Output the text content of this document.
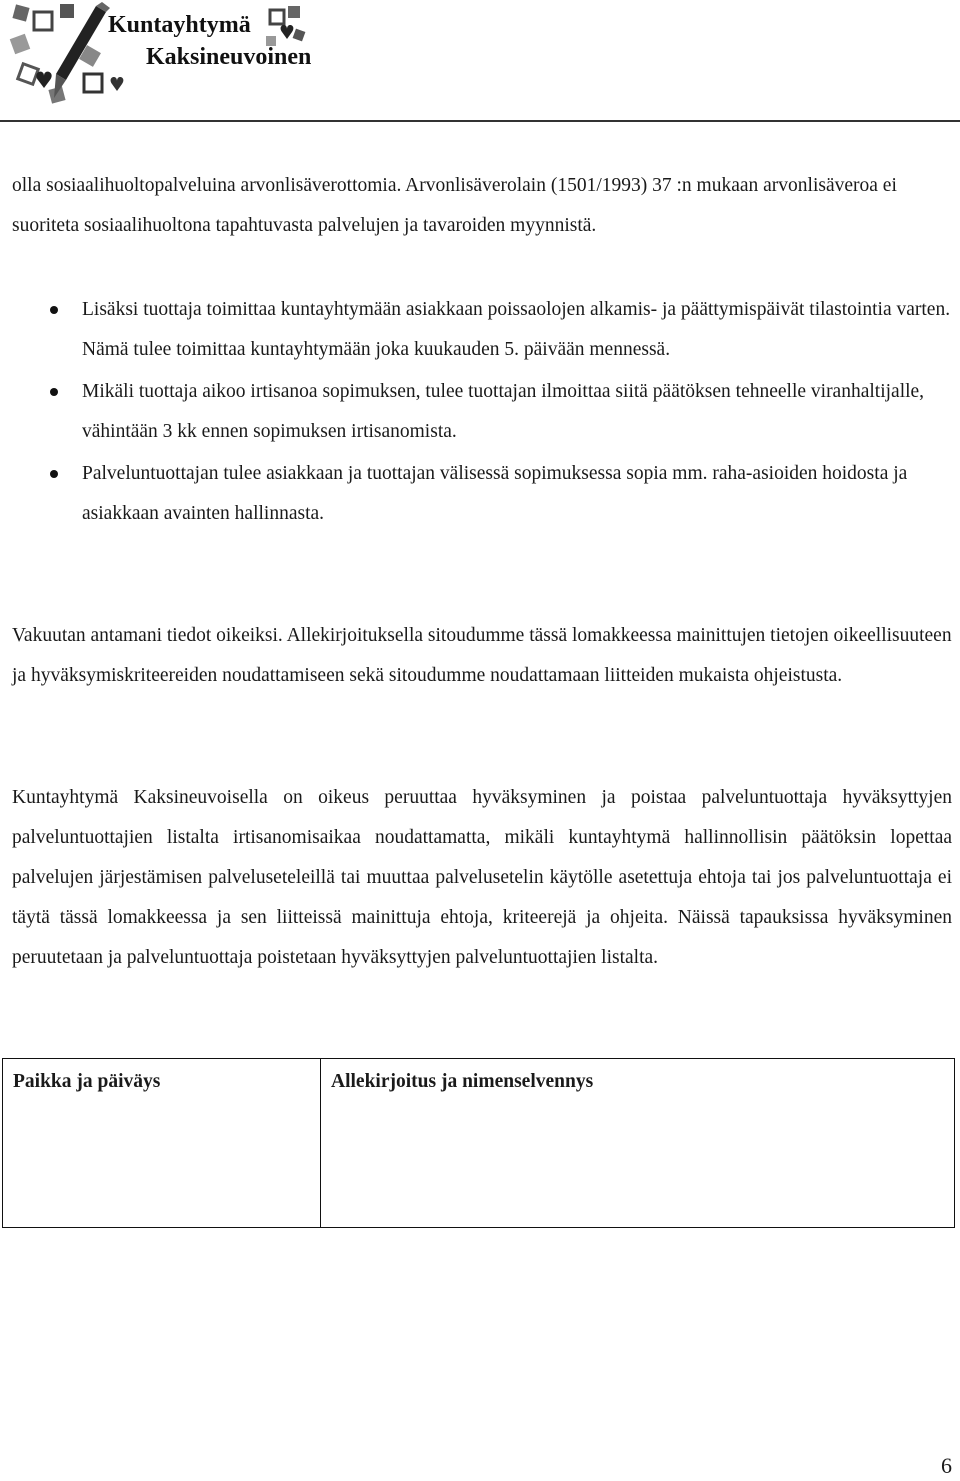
Kuntayhtymä
Kaksineuvoinen

olla sosiaalihuoltopalveluina arvonlisäverottomia. Arvonlisäverolain (1501/1993) 37 :n mukaan arvonlisäveroa ei suoriteta sosiaalihuoltona tapahtuvasta palvelujen ja tavaroiden myynnistä.

Lisäksi tuottaja toimittaa kuntayhtymään asiakkaan poissaolojen alkamis- ja päättymispäivät tilastointia varten. Nämä tulee toimittaa kuntayhtymään joka kuukauden 5. päivään mennessä.
Mikäli tuottaja aikoo irtisanoa sopimuksen, tulee tuottajan ilmoittaa siitä päätöksen tehneelle viranhaltijalle, vähintään 3 kk ennen sopimuksen irtisanomista.
Palveluntuottajan tulee asiakkaan ja tuottajan välisessä sopimuksessa sopia mm. raha-asioiden hoidosta ja asiakkaan avainten hallinnasta.

Vakuutan antamani tiedot oikeiksi. Allekirjoituksella sitoudumme tässä lomakkeessa mainittujen tietojen oikeellisuuteen ja hyväksymiskriteereiden noudattamiseen sekä sitoudumme noudattamaan liitteiden mukaista ohjeistusta.

Kuntayhtymä Kaksineuvoisella on oikeus peruuttaa hyväksyminen ja poistaa palveluntuottaja hyväksyttyjen palveluntuottajien listalta irtisanomisaikaa noudattamatta, mikäli kuntayhtymä hallinnollisin päätöksin lopettaa palvelujen järjestämisen palveluseteleillä tai muuttaa palvelusetelin käytölle asetettuja ehtoja tai jos palveluntuottaja ei täytä tässä lomakkeessa ja sen liitteissä mainittuja ehtoja, kriteerejä ja ohjeita. Näissä tapauksissa hyväksyminen peruutetaan ja palveluntuottaja poistetaan hyväksyttyjen palveluntuottajien listalta.

Paikka ja päiväys	Allekirjoitus ja nimenselvennys
6
